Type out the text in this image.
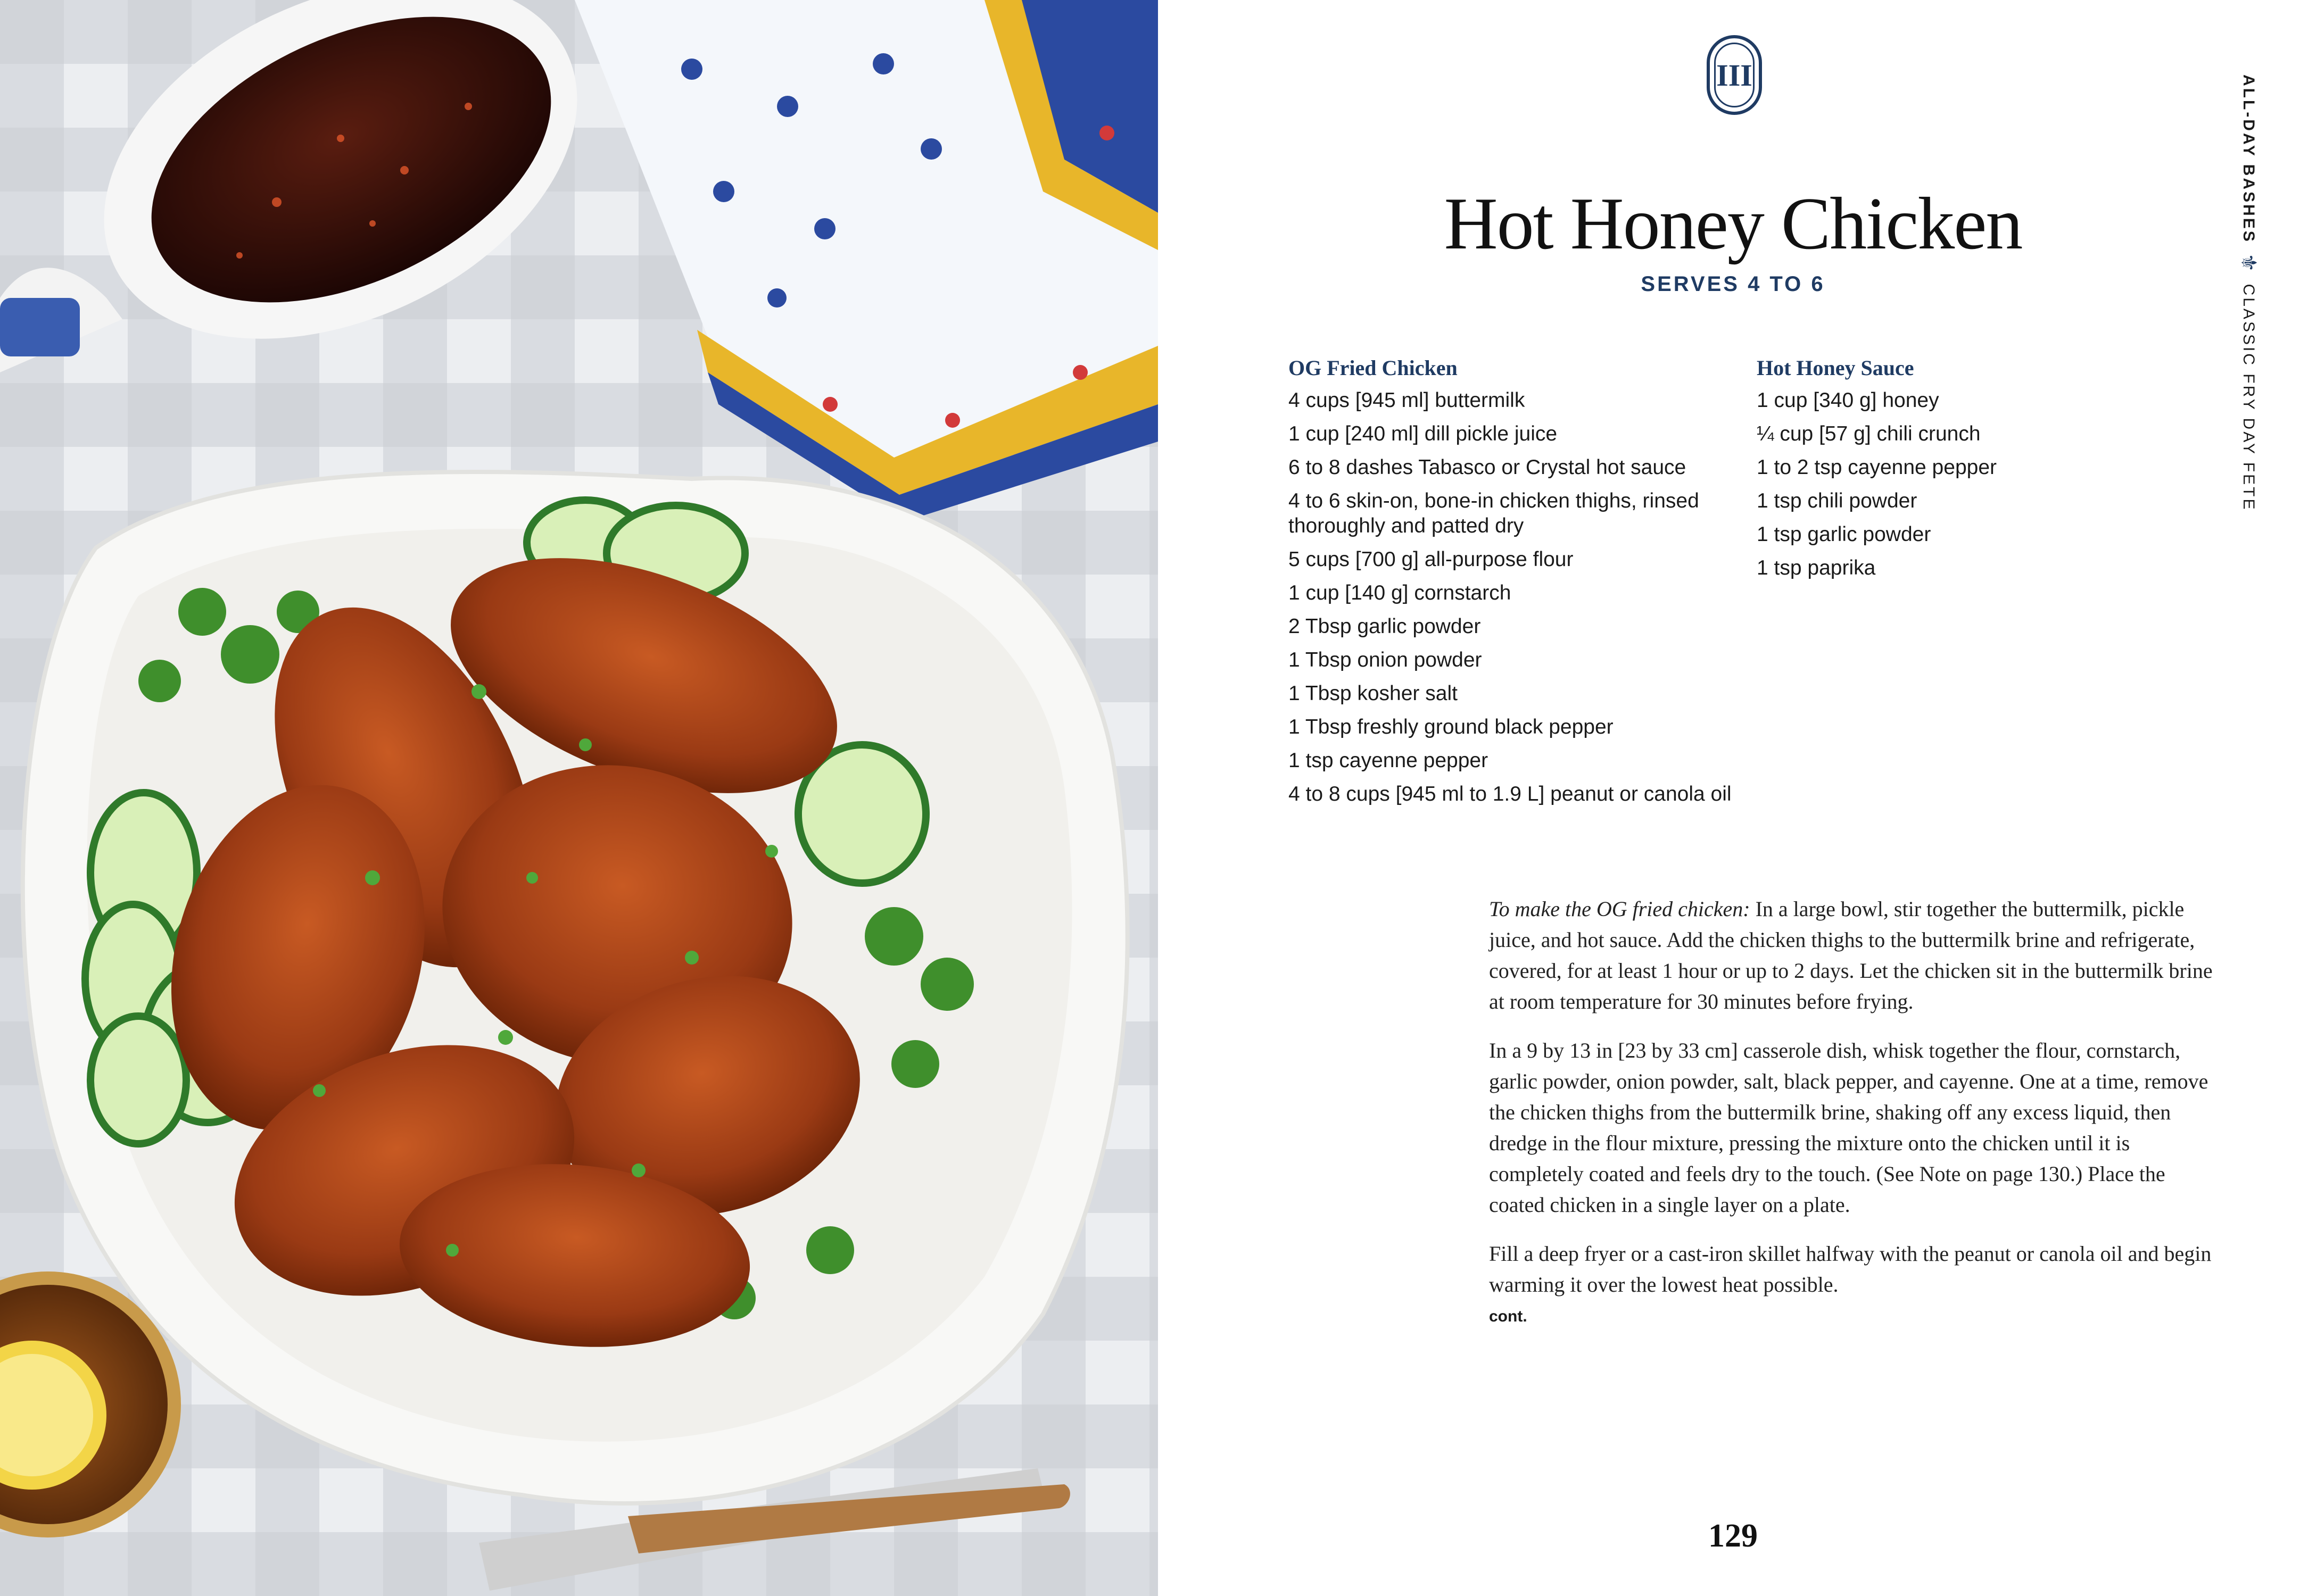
III
Hot Honey Chicken
SERVES 4 TO 6
OG Fried Chicken
4 cups [945 ml] buttermilk
1 cup [240 ml] dill pickle juice
6 to 8 dashes Tabasco or Crystal hot sauce
4 to 6 skin-on, bone-in chicken thighs, rinsed thoroughly and patted dry
5 cups [700 g] all-purpose flour
1 cup [140 g] cornstarch
2 Tbsp garlic powder
1 Tbsp onion powder
1 Tbsp kosher salt
1 Tbsp freshly ground black pepper
1 tsp cayenne pepper
4 to 8 cups [945 ml to 1.9 L] peanut or canola oil
Hot Honey Sauce
1 cup [340 g] honey
¼ cup [57 g] chili crunch
1 to 2 tsp cayenne pepper
1 tsp chili powder
1 tsp garlic powder
1 tsp paprika

To make the OG fried chicken: In a large bowl, stir together the buttermilk, pickle juice, and hot sauce. Add the chicken thighs to the buttermilk brine and refrigerate, covered, for at least 1 hour or up to 2 days. Let the chicken sit in the buttermilk brine at room temperature for 30 minutes before frying.

In a 9 by 13 in [23 by 33 cm] casserole dish, whisk together the flour, cornstarch, garlic powder, onion powder, salt, black pepper, and cayenne. One at a time, remove the chicken thighs from the buttermilk brine, shaking off any excess liquid, then dredge in the flour mixture, pressing the mixture onto the chicken until it is completely coated and feels dry to the touch. (See Note on page 130.) Place the coated chicken in a single layer on a plate.

Fill a deep fryer or a cast-iron skillet halfway with the peanut or canola oil and begin warming it over the lowest heat possible.

cont.
129
ALL-DAY BASHES
⚜
CLASSIC FRY DAY FETE
